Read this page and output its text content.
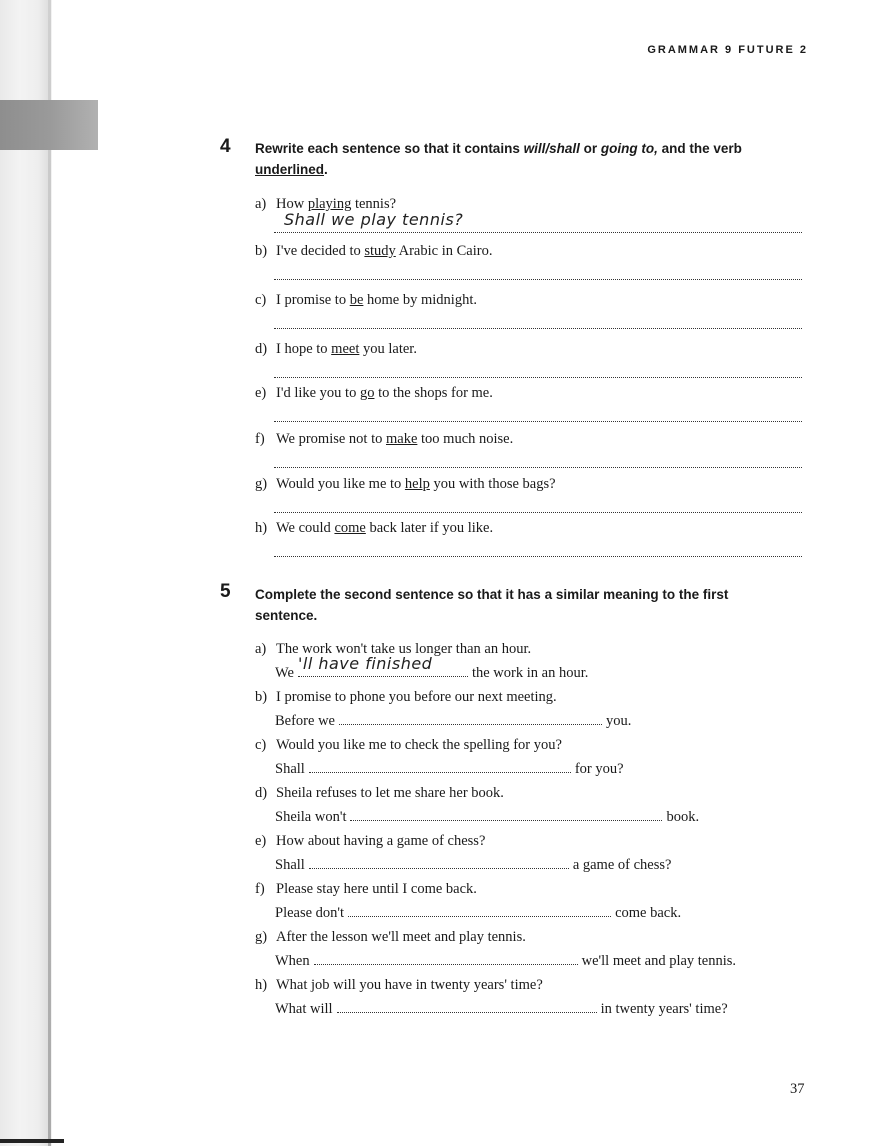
GRAMMAR 9 FUTURE 2
4 Rewrite each sentence so that it contains will/shall or going to, and the verb
underlined.
a) How playing tennis?
Shall we play tennis?
b) I've decided to study Arabic in Cairo.
c) I promise to be home by midnight.
d) I hope to meet you later.
e) I'd like you to go to the shops for me.
f) We promise not to make too much noise.
g) Would you like me to help you with those bags?
h) We could come back later if you like.
5 Complete the second sentence so that it has a similar meaning to the first sentence.
a) The work won't take us longer than an hour.
We 'll have finished	the work in an hour.
b) I promise to phone you before our next meeting.
Before we	you.
c) Would you like me to check the spelling for you?
Shall	for you?
d) Sheila refuses to let me share her book.
Sheila won't	book.
e) How about having a game of chess?
Shall	a game of chess?
f) Please stay here until I come back.
Please don't	come back.
g) After the lesson we'll meet and play tennis.
When	we'll meet and play tennis.
h) What job will you have in twenty years' time?
What will	in twenty years' time?
37
